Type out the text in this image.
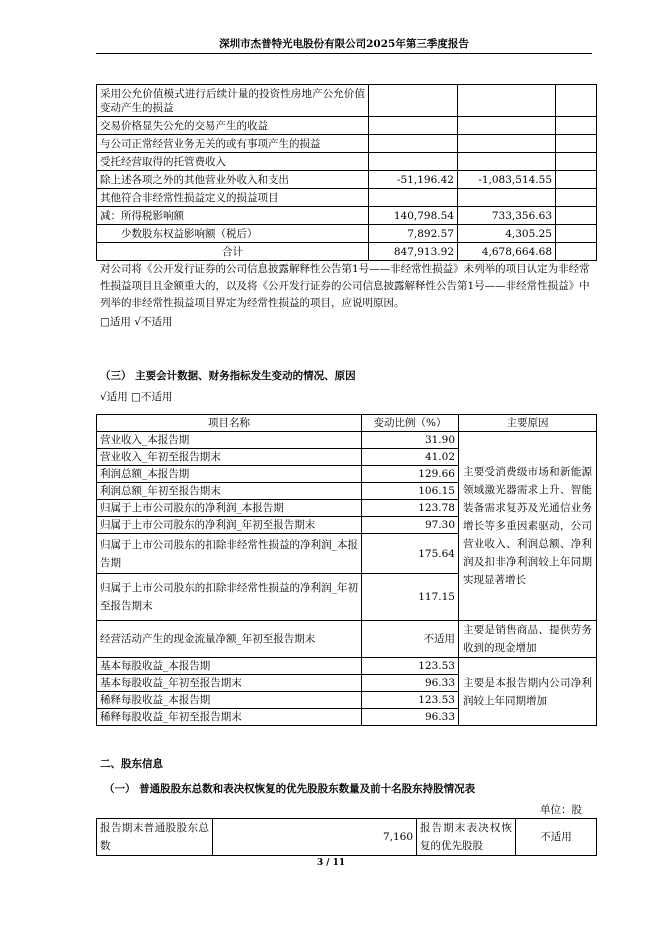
深圳市杰普特光电股份有限公司2025年第三季度报告
采用公允价值模式进行后续计量的投资性房地产公允价值变动产生的损益			
交易价格显失公允的交易产生的收益			
与公司正常经营业务无关的或有事项产生的损益			
受托经营取得的托管费收入			
除上述各项之外的其他营业外收入和支出	-51,196.42	-1,083,514.55	
其他符合非经常性损益定义的损益项目			
减：所得税影响额	140,798.54	733,356.63	
少数股东权益影响额（税后）	7,892.57	4,305.25	
合计	847,913.92	4,678,664.68	
对公司将《公开发行证券的公司信息披露解释性公告第1号——非经常性损益》未列举的项目认定为非经常性损益项目且金额重大的，以及将《公开发行证券的公司信息披露解释性公告第1号——非经常性损益》中列举的非经常性损益项目界定为经常性损益的项目，应说明原因。
□适用 √不适用
（三） 主要会计数据、财务指标发生变动的情况、原因
√适用 □不适用
项目名称	变动比例（%）	主要原因
营业收入_本报告期	31.90	主要受消费级市场和新能源领域激光器需求上升、智能装备需求复苏及光通信业务增长等多重因素驱动，公司营业收入、利润总额、净利润及扣非净利润较上年同期实现显著增长
营业收入_年初至报告期末	41.02	
利润总额_本报告期	129.66	
利润总额_年初至报告期末	106.15	
归属于上市公司股东的净利润_本报告期	123.78	
归属于上市公司股东的净利润_年初至报告期末	97.30	
归属于上市公司股东的扣除非经常性损益的净利润_本报告期	175.64	
归属于上市公司股东的扣除非经常性损益的净利润_年初至报告期末	117.15	
经营活动产生的现金流量净额_年初至报告期末	不适用	主要是销售商品、提供劳务收到的现金增加
基本每股收益_本报告期	123.53	主要是本报告期内公司净利润较上年同期增加
基本每股收益_年初至报告期末	96.33	
稀释每股收益_本报告期	123.53	
稀释每股收益_年初至报告期末	96.33	
二、股东信息
（一） 普通股股东总数和表决权恢复的优先股股东数量及前十名股东持股情况表
单位：股
报告期末普通股股东总数	7,160	报告期末表决权恢复的优先股股	不适用
3 / 11
